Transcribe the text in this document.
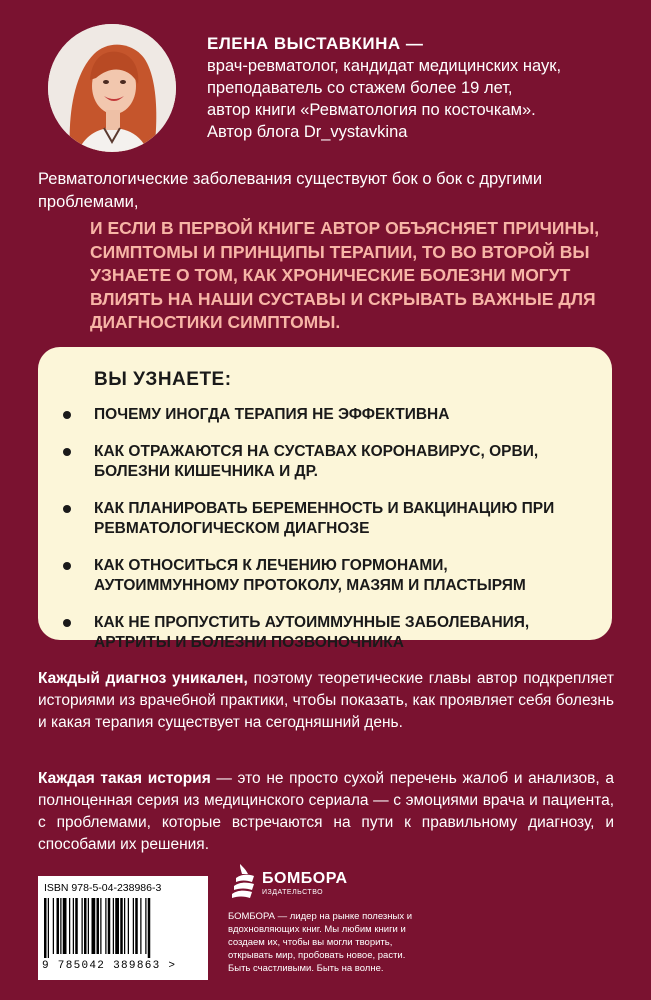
ЕЛЕНА ВЫСТАВКИНА —

врач-ревматолог, кандидат медицинских наук,

преподаватель со стажем более 19 лет,

автор книги «Ревматология по косточкам».

Автор блога Dr_vystavkina

Ревматологические заболевания существуют бок о бок с другими проблемами,

И ЕСЛИ В ПЕРВОЙ КНИГЕ АВТОР ОБЪЯСНЯЕТ ПРИЧИНЫ, СИМПТОМЫ И ПРИНЦИПЫ ТЕРАПИИ, ТО ВО ВТОРОЙ ВЫ УЗНАЕТЕ О ТОМ, КАК ХРОНИЧЕСКИЕ БОЛЕЗНИ МОГУТ ВЛИЯТЬ НА НАШИ СУСТАВЫ И СКРЫВАТЬ ВАЖНЫЕ ДЛЯ ДИАГНОСТИКИ СИМПТОМЫ.

ВЫ УЗНАЕТЕ:

ПОЧЕМУ ИНОГДА ТЕРАПИЯ НЕ ЭФФЕКТИВНА
КАК ОТРАЖАЮТСЯ НА СУСТАВАХ КОРОНАВИРУС, ОРВИ, БОЛЕЗНИ КИШЕЧНИКА И ДР.
КАК ПЛАНИРОВАТЬ БЕРЕМЕННОСТЬ И ВАКЦИНАЦИЮ ПРИ РЕВМАТОЛОГИЧЕСКОМ ДИАГНОЗЕ
КАК ОТНОСИТЬСЯ К ЛЕЧЕНИЮ ГОРМОНАМИ, АУТОИММУННОМУ ПРОТОКОЛУ, МАЗЯМ И ПЛАСТЫРЯМ
КАК НЕ ПРОПУСТИТЬ АУТОИММУННЫЕ ЗАБОЛЕВАНИЯ, АРТРИТЫ И БОЛЕЗНИ ПОЗВОНОЧНИКА

Каждый диагноз уникален, поэтому теоретические главы автор подкрепляет историями из врачебной практики, чтобы показать, как проявляет себя болезнь и какая терапия существует на сегодняшний день.

Каждая такая история — это не просто сухой перечень жалоб и анализов, а полноценная серия из медицинского сериала — с эмоциями врача и пациента, с проблемами, которые встречаются на пути к правильному диагнозу, и способами их решения.

ISBN 978-5-04-238986-3

9 785042 389863 >

БОМБОРА

ИЗДАТЕЛЬСТВО

БОМБОРА — лидер на рынке полезных и вдохновляющих книг. Мы любим книги и создаем их, чтобы вы могли творить, открывать мир, пробовать новое, расти. Быть счастливыми. Быть на волне.
